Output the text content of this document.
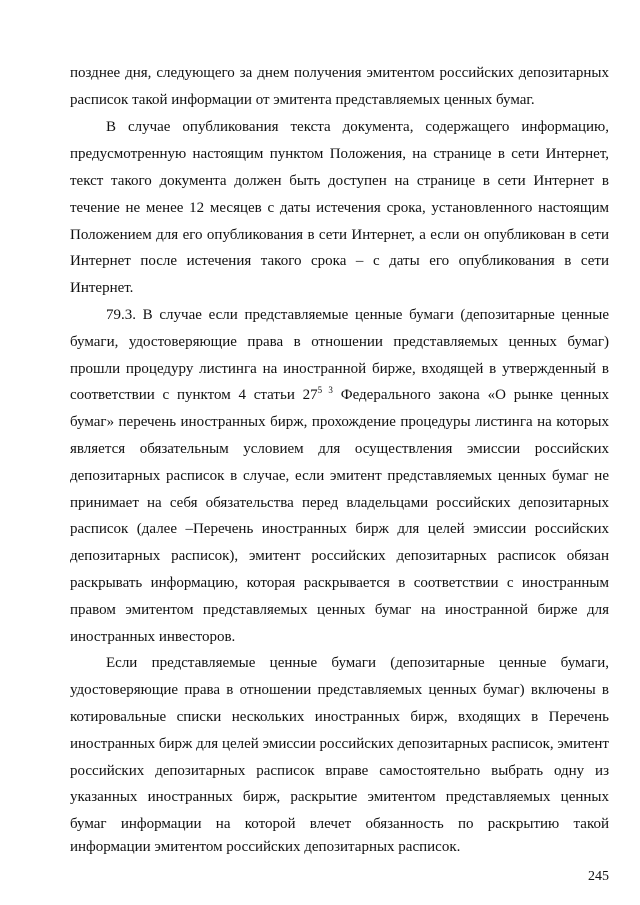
позднее дня, следующего за днем получения эмитентом российских депозитарных
расписок такой информации от эмитента представляемых ценных бумаг.
В случае опубликования текста документа, содержащего информацию,
предусмотренную настоящим пунктом Положения, на странице в сети Интернет,
текст такого документа должен быть доступен на странице в сети Интернет в
течение не менее 12 месяцев с даты истечения срока, установленного настоящим
Положением для его опубликования в сети Интернет, а если он опубликован в сети
Интернет после истечения такого срока – с даты его опубликования в сети
Интернет.
79.3. В случае если представляемые ценные бумаги (депозитарные ценные
бумаги, удостоверяющие права в отношении представляемых ценных бумаг)
прошли процедуру листинга на иностранной бирже, входящей в утвержденный в
соответствии с пунктом 4 статьи $27^{5 3}$ Федерального закона «О рынке ценных
бумаг» перечень иностранных бирж, прохождение процедуры листинга на которых
является обязательным условием для осуществления эмиссии российских
депозитарных расписок в случае, если эмитент представляемых ценных бумаг не
принимает на себя обязательства перед владельцами российских депозитарных
расписок (далее –Перечень иностранных бирж для целей эмиссии российских
депозитарных расписок), эмитент российских депозитарных расписок обязан
раскрывать информацию, которая раскрывается в соответствии с иностранным
правом эмитентом представляемых ценных бумаг на иностранной бирже для
иностранных инвесторов.
Если представляемые ценные бумаги (депозитарные ценные бумаги,
удостоверяющие права в отношении представляемых ценных бумаг) включены в
котировальные списки нескольких иностранных бирж, входящих в Перечень
иностранных бирж для целей эмиссии российских депозитарных расписок, эмитент
российских депозитарных расписок вправе самостоятельно выбрать одну из
указанных иностранных бирж, раскрытие эмитентом представляемых ценных
бумаг информации на которой влечет обязанность по раскрытию такой
информации эмитентом российских депозитарных расписок.
245
